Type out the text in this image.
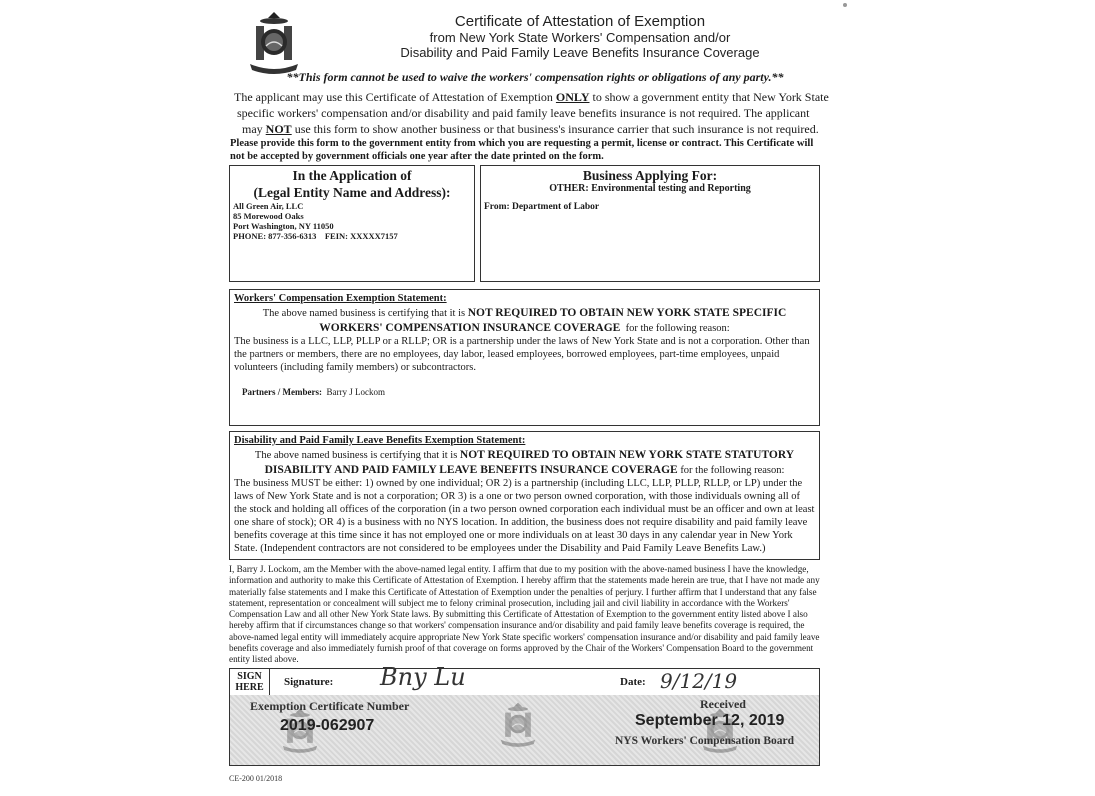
Certificate of Attestation of Exemption
from New York State Workers' Compensation and/or
Disability and Paid Family Leave Benefits Insurance Coverage
**This form cannot be used to waive the workers' compensation rights or obligations of any party.**
The applicant may use this Certificate of Attestation of Exemption ONLY to show a government entity that New York State
specific workers' compensation and/or disability and paid family leave benefits insurance is not required. The applicant
may NOT use this form to show another business or that business's insurance carrier that such insurance is not required.
Please provide this form to the government entity from which you are requesting a permit, license or contract. This Certificate will not be accepted by government officials one year after the date printed on the form.
In the Application of
(Legal Entity Name and Address):
All Green Air, LLC
85 Morewood Oaks
Port Washington, NY 11050
PHONE: 877-356-6313    FEIN: XXXXX7157
Business Applying For:
OTHER: Environmental testing and Reporting
From: Department of Labor
Workers' Compensation Exemption Statement:
The above named business is certifying that it is NOT REQUIRED TO OBTAIN NEW YORK STATE SPECIFIC
WORKERS' COMPENSATION INSURANCE COVERAGE  for the following reason:
The business is a LLC, LLP, PLLP or a RLLP; OR is a partnership under the laws of New York State and is not a corporation. Other than the partners or members, there are no employees, day labor, leased employees, borrowed employees, part-time employees, unpaid volunteers (including family members) or subcontractors.
Partners / Members: Barry J Lockom
Disability and Paid Family Leave Benefits Exemption Statement:
The above named business is certifying that it is NOT REQUIRED TO OBTAIN NEW YORK STATE STATUTORY
DISABILITY AND PAID FAMILY LEAVE BENEFITS INSURANCE COVERAGE for the following reason:
The business MUST be either: 1) owned by one individual; OR 2) is a partnership (including LLC, LLP, PLLP, RLLP, or LP) under the laws of New York State and is not a corporation; OR 3) is a one or two person owned corporation, with those individuals owning all of the stock and holding all offices of the corporation (in a two person owned corporation each individual must be an officer and own at least one share of stock); OR 4) is a business with no NYS location. In addition, the business does not require disability and paid family leave benefits coverage at this time since it has not employed one or more individuals on at least 30 days in any calendar year in New York State. (Independent contractors are not considered to be employees under the Disability and Paid Family Leave Benefits Law.)
I, Barry J. Lockom, am the Member with the above-named legal entity. I affirm that due to my position with the above-named business I have the knowledge, information and authority to make this Certificate of Attestation of Exemption. I hereby affirm that the statements made herein are true, that I have not made any materially false statements and I make this Certificate of Attestation of Exemption under the penalties of perjury. I further affirm that I understand that any false statement, representation or concealment will subject me to felony criminal prosecution, including jail and civil liability in accordance with the Workers' Compensation Law and all other New York State laws. By submitting this Certificate of Attestation of Exemption to the government entity listed above I also hereby affirm that if circumstances change so that workers' compensation insurance and/or disability and paid family leave benefits coverage is required, the above-named legal entity will immediately acquire appropriate New York State specific workers' compensation insurance and/or disability and paid family leave benefits coverage and also immediately furnish proof of that coverage on forms approved by the Chair of the Workers' Compensation Board to the government entity listed above.
SIGN
HERE	Signature: Bny Lu	Date: 9/12/19
Exemption Certificate Number
2019-062907
Received
September 12, 2019
NYS Workers' Compensation Board
CE-200 01/2018
